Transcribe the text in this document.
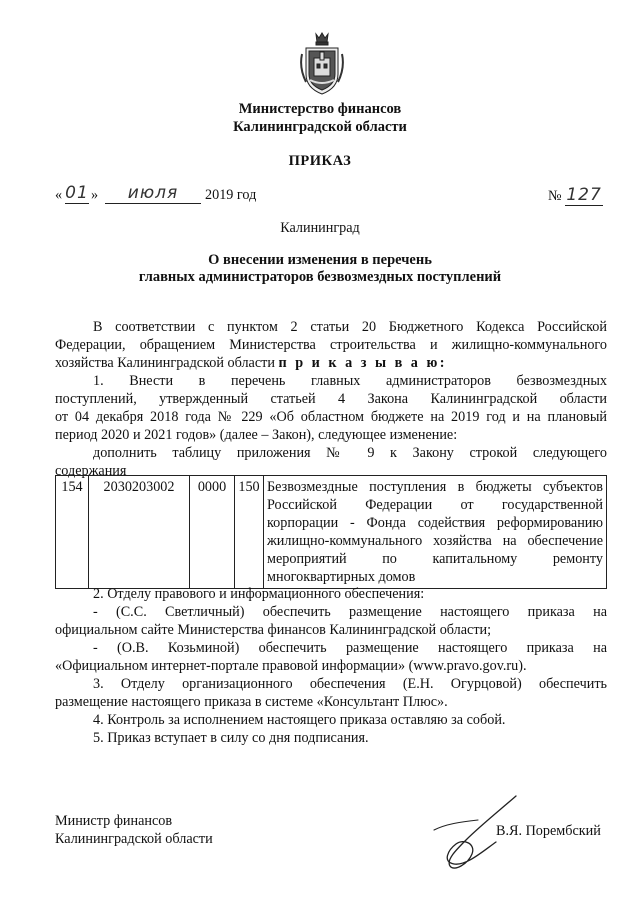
Министерство финансов
Калининградской области
ПРИКАЗ
« 01 »	июля	2019 год	№ 127
Калининград
О внесении изменения в перечень
главных администраторов безвозмездных поступлений
В соответствии с пунктом 2 статьи 20 Бюджетного Кодекса Российской
Федерации, обращением Министерства строительства и жилищно-коммунального
хозяйства Калининградской области п р и к а з ы в а ю:
1. Внести в перечень главных администраторов безвозмездных
поступлений, утвержденный статьей 4 Закона Калининградской области
от 04 декабря 2018 года № 229 «Об областном бюджете на 2019 год и на плановый
период 2020 и 2021 годов» (далее – Закон), следующее изменение:
дополнить таблицу приложения № 9 к Закону строкой следующего
содержания
154	2030203002	0000	150	Безвозмездные поступления в бюджеты субъектов
Российской Федерации от государственной
корпорации - Фонда содействия реформированию
жилищно-коммунального хозяйства на обеспечение
мероприятий по капитальному ремонту
многоквартирных домов
2. Отделу правового и информационного обеспечения:
- (С.С. Светличный) обеспечить размещение настоящего приказа на
официальном сайте Министерства финансов Калининградской области;
- (О.В. Козьминой) обеспечить размещение настоящего приказа на
«Официальном интернет-портале правовой информации» (www.pravo.gov.ru).
3. Отделу организационного обеспечения (Е.Н. Огурцовой) обеспечить
размещение настоящего приказа в системе «Консультант Плюс».
4. Контроль за исполнением настоящего приказа оставляю за собой.
5. Приказ вступает в силу со дня подписания.
Министр финансов
Калининградской области	В.Я. Порембский
